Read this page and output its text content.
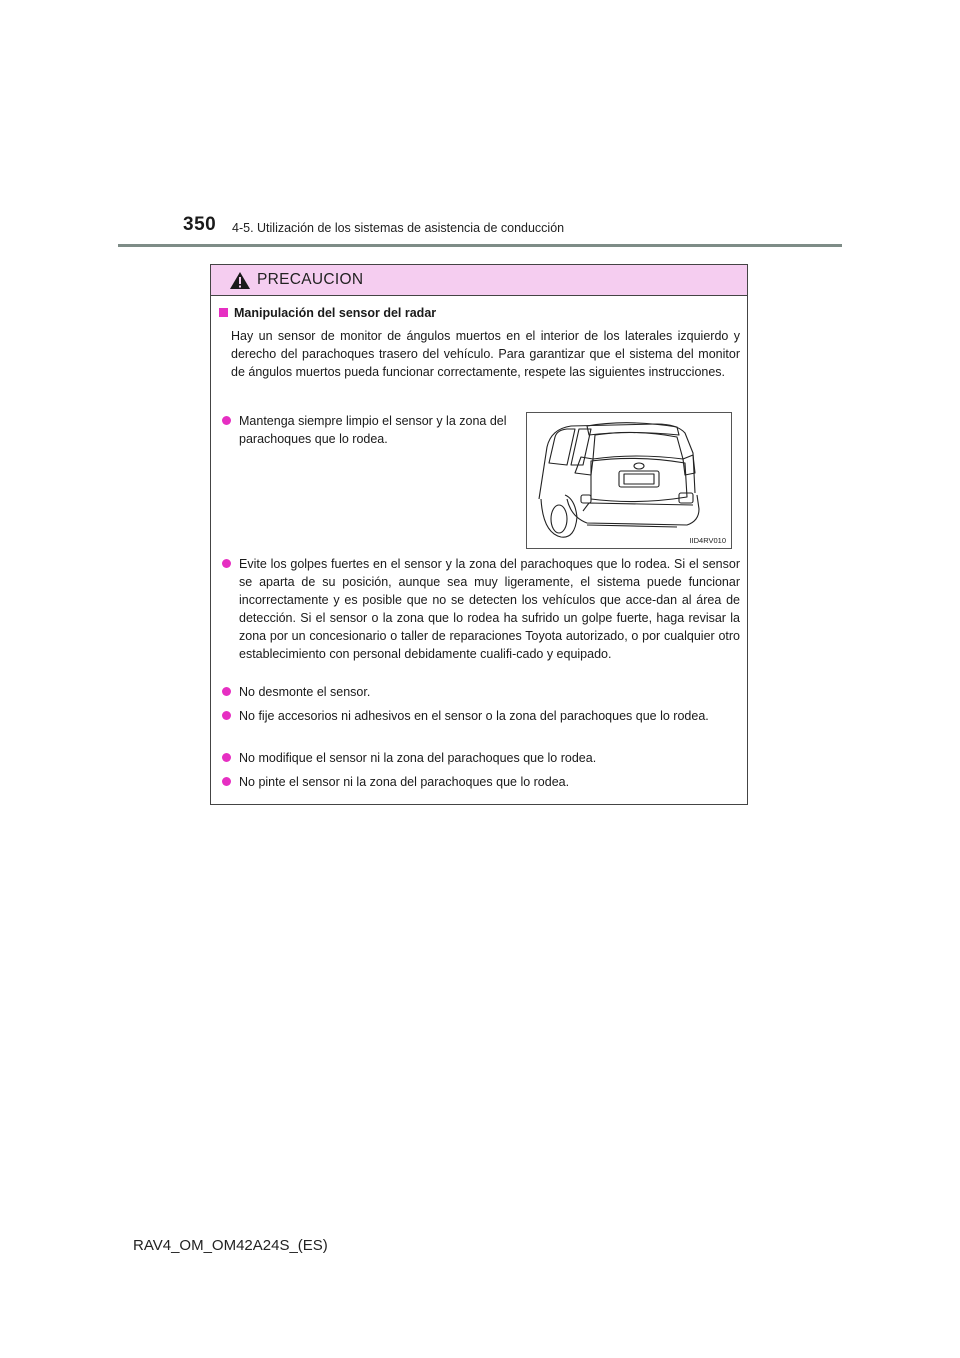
350 4-5. Utilización de los sistemas de asistencia de conducción
PRECAUCION
Manipulación del sensor del radar
Hay un sensor de monitor de ángulos muertos en el interior de los laterales izquierdo y derecho del parachoques trasero del vehículo. Para garantizar que el sistema del monitor de ángulos muertos pueda funcionar correctamente, respete las siguientes instrucciones.
Mantenga siempre limpio el sensor y la zona del parachoques que lo rodea.
IID4RV010
Evite los golpes fuertes en el sensor y la zona del parachoques que lo rodea. Si el sensor se aparta de su posición, aunque sea muy ligeramente, el sistema puede funcionar incorrectamente y es posible que no se detecten los vehículos que acce-dan al área de detección. Si el sensor o la zona que lo rodea ha sufrido un golpe fuerte, haga revisar la zona por un concesionario o taller de reparaciones Toyota autorizado, o por cualquier otro establecimiento con personal debidamente cualifi-cado y equipado.
No desmonte el sensor.
No fije accesorios ni adhesivos en el sensor o la zona del parachoques que lo rodea.
No modifique el sensor ni la zona del parachoques que lo rodea.
No pinte el sensor ni la zona del parachoques que lo rodea.
RAV4_OM_OM42A24S_(ES)
